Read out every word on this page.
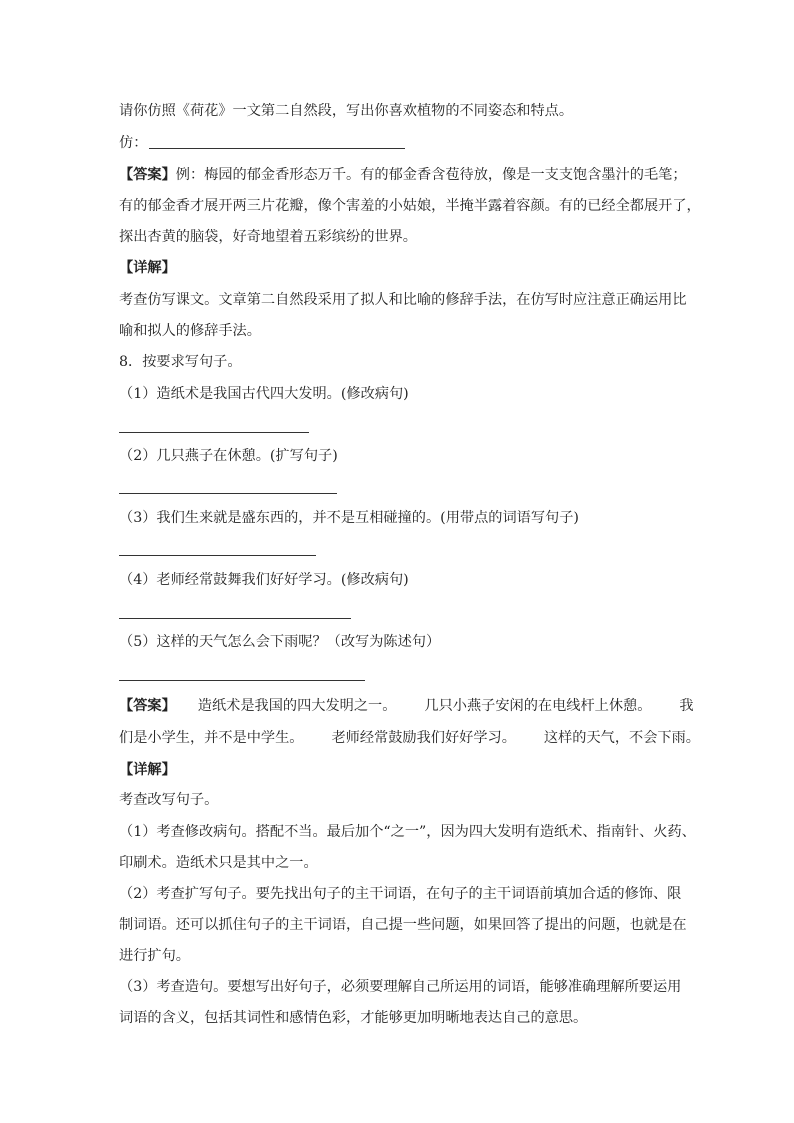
请你仿照《荷花》一文第二自然段，写出你喜欢植物的不同姿态和特点。
仿：
【答案】例：梅园的郁金香形态万千。有的郁金香含苞待放，像是一支支饱含墨汁的毛笔；
有的郁金香才展开两三片花瓣，像个害羞的小姑娘，半掩半露着容颜。有的已经全都展开了，
探出杏黄的脑袋，好奇地望着五彩缤纷的世界。
【详解】
考查仿写课文。文章第二自然段采用了拟人和比喻的修辞手法，在仿写时应注意正确运用比
喻和拟人的修辞手法。
8．按要求写句子。
（1）造纸术是我国古代四大发明。(修改病句)
（2）几只燕子在休憩。(扩写句子)
（3）我们生来就是盛东西的，并不是互相碰撞的。(用带点的词语写句子)
（4）老师经常鼓舞我们好好学习。(修改病句)
（5）这样的天气怎么会下雨呢？（改写为陈述句）
【答案】 造纸术是我国的四大发明之一。 几只小燕子安闲的在电线杆上休憩。 我
们是小学生，并不是中学生。 老师经常鼓励我们好好学习。 这样的天气，不会下雨。
【详解】
考查改写句子。
（1）考查修改病句。搭配不当。最后加个“之一”，因为四大发明有造纸术、指南针、火药、
印刷术。造纸术只是其中之一。
（2）考查扩写句子。要先找出句子的主干词语，在句子的主干词语前填加合适的修饰、限
制词语。还可以抓住句子的主干词语，自己提一些问题，如果回答了提出的问题，也就是在
进行扩句。
（3）考查造句。要想写出好句子，必须要理解自己所运用的词语，能够准确理解所要运用
词语的含义，包括其词性和感情色彩，才能够更加明晰地表达自己的意思。
